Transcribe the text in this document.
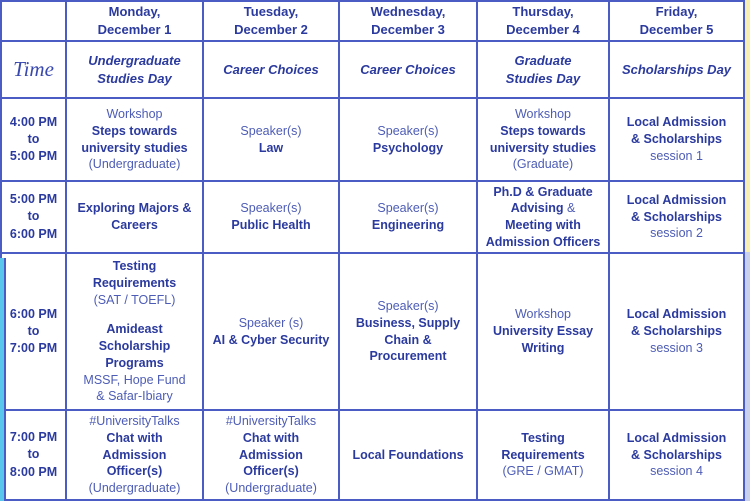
Monday,
December 1
Tuesday,
December 2
Wednesday,
December 3
Thursday,
December 4
Friday,
December 5
Time	Undergraduate
Studies Day
Career Choices	Career Choices
Graduate
Studies Day
Scholarships Day
4:00 PM
to
5:00 PM
Workshop
Steps towards
university studies
(Undergraduate)
Speaker(s)
Law
Speaker(s)
Psychology
Workshop
Steps towards
university studies
(Graduate)
Local Admission
& Scholarships
session 1
5:00 PM
to
6:00 PM
Exploring Majors &
Careers
Speaker(s)
Public Health
Speaker(s)
Engineering
Ph.D & Graduate
Advising &
Meeting with
Admission Officers
Local Admission
& Scholarships
session 2
6:00 PM
to
7:00 PM
Testing
Requirements
(SAT / TOEFL)
Amideast
Scholarship
Programs
MSSF, Hope Fund
& Safar-Ibiary
Speaker (s)
AI & Cyber Security
Speaker(s)
Business, Supply
Chain &
Procurement
Workshop
University Essay
Writing
Local Admission
& Scholarships
session 3
7:00 PM
to
8:00 PM
#UniversityTalks
Chat with
Admission
Officer(s)
(Undergraduate)
#UniversityTalks
Chat with
Admission
Officer(s)
(Undergraduate)
Local Foundations
Testing
Requirements
(GRE / GMAT)
Local Admission
& Scholarships
session 4
